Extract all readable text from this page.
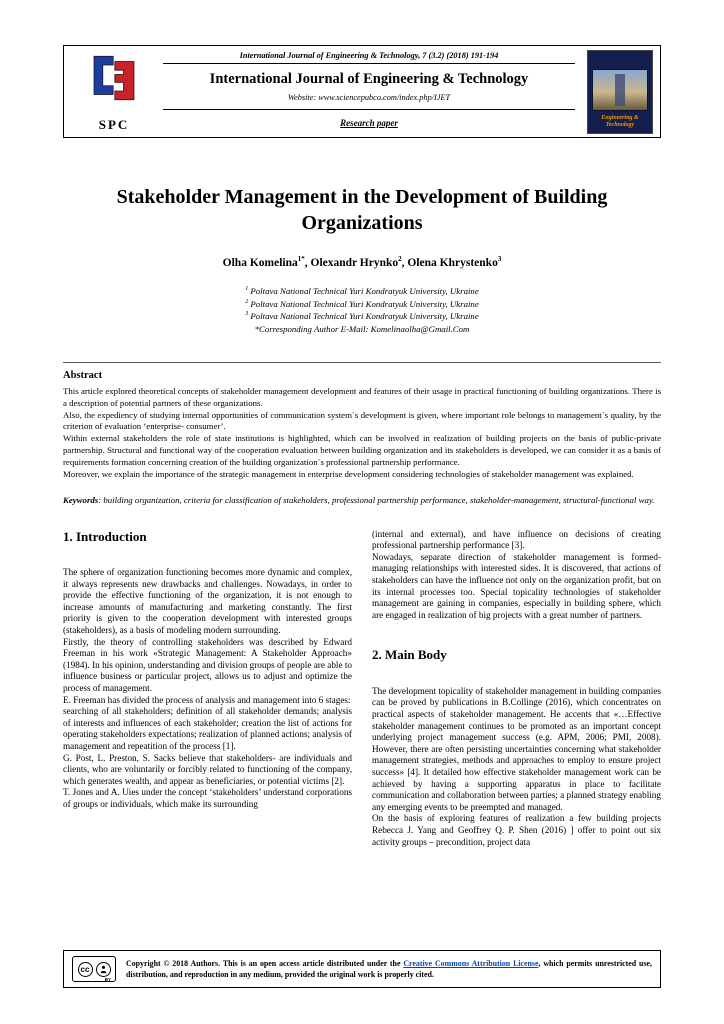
SPC
International Journal of Engineering & Technology, 7 (3.2) (2018) 191-194
International Journal of Engineering & Technology
Website: www.sciencepubco.com/index.php/IJET
Research paper	Engineering & Technology
Stakeholder Management in the Development of Building Organizations
Olha Komelina$^{1*}$, Olexandr Hrynko$^2$, Olena Khrystenko$^3$
$^1$ Poltava National Technical Yuri Kondratyuk University, Ukraine
$^2$ Poltava National Technical Yuri Kondratyuk University, Ukraine
$^3$ Poltava National Technical Yuri Kondratyuk University, Ukraine
*Corresponding Author E-Mail: Komelinaolha@Gmail.Com
Abstract

This article explored theoretical concepts of stakeholder management development and features of their usage in practical functioning of building organizations. There is a description of potential partners of these organizations.

Also, the expediency of studying internal opportunities of communication system`s development is given, where important role belongs to management`s quality, by the criterion of evaluation ‘enterprise- consumer’.

Within external stakeholders the role of state institutions is highlighted, which can be involved in realization of building projects on the basis of public-private partnership. Structural and functional way of the cooperation evaluation between building organization and its stakeholders is developed, we can consider it as a basis of requirements formation concerning creation of the building organization`s professional partnership performance.

Moreover, we explain the importance of the strategic management in enterprise development considering technologies of stakeholder management was explained.

Keywords: building organization, criteria for classification of stakeholders, professional partnership performance, stakeholder-management, structural-functional way.
1. Introduction

The sphere of organization functioning becomes more dynamic and complex, it always represents new drawbacks and challenges. Nowadays, in order to provide the effective functioning of the organization, it is not enough to increase amounts of manufacturing and marketing constantly. The first priority is given to the cooperation development with interested groups (stakeholders), as a basis of modeling modern surrounding.

Firstly, the theory of controlling stakeholders was described by Edward Freeman in his work «Strategic Management: A Stakeholder Approach» (1984). In his opinion, understanding and division groups of people are able to influence business or particular project, allows us to adjust and optimize the process of management.

E. Freeman has divided the process of analysis and management into 6 stages:

searching of all stakeholders; definition of all stakeholder demands; analysis of interests and influences of each stakeholder; creation the list of actions for operating stakeholders expectations; realization of planned actions; analysis of management and repeatition of the process [1].

G. Post, L. Preston, S. Sacks believe that stakeholders- are individuals and clients, who are voluntarily or forcibly related to functioning of the company, which generates wealth, and appear as beneficiaries, or potential victims [2].

T. Jones and A. Uies under the concept ‘stakeholders’ understand corporations of groups or individuals, which make its surrounding

(internal and external), and have influence on decisions of creating professional partnership performance [3].

Nowadays, separate direction of stakeholder management is formed- managing relationships with interested sides. It is discovered, that actions of stakeholders can have the influence not only on the organization profit, but on its internal processes too. Special topicality technologies of stakeholder management are gaining in companies, especially in building sphere, which are engaged in realization of big projects with a great number of partners.

2. Main Body

The development topicality of stakeholder management in building companies can be proved by publications in B.Collinge (2016), which concentrates on practical aspects of stakeholder management. He accents that «…Effective stakeholder management continues to be promoted as an important concept underlying project management success (e.g. APM, 2006; PMI, 2008). However, there are often persisting uncertainties concerning what stakeholder management strategies, methods and approaches to employ to ensure project success» [4]. It detailed how effective stakeholder management work can be achieved by having a supporting apparatus in place to facilitate communication and collaboration between parties; a planned strategy enabling any emerging events to be preempted and managed.

On the basis of exploring features of realization a few building projects Rebecca J. Yang and Geoffrey Q. P. Shen (2016) ] offer to point out six activity groups – precondition, project data

cc
BY
Copyright © 2018 Authors. This is an open access article distributed under the Creative Commons Attribution License, which permits unrestricted use, distribution, and reproduction in any medium, provided the original work is properly cited.
